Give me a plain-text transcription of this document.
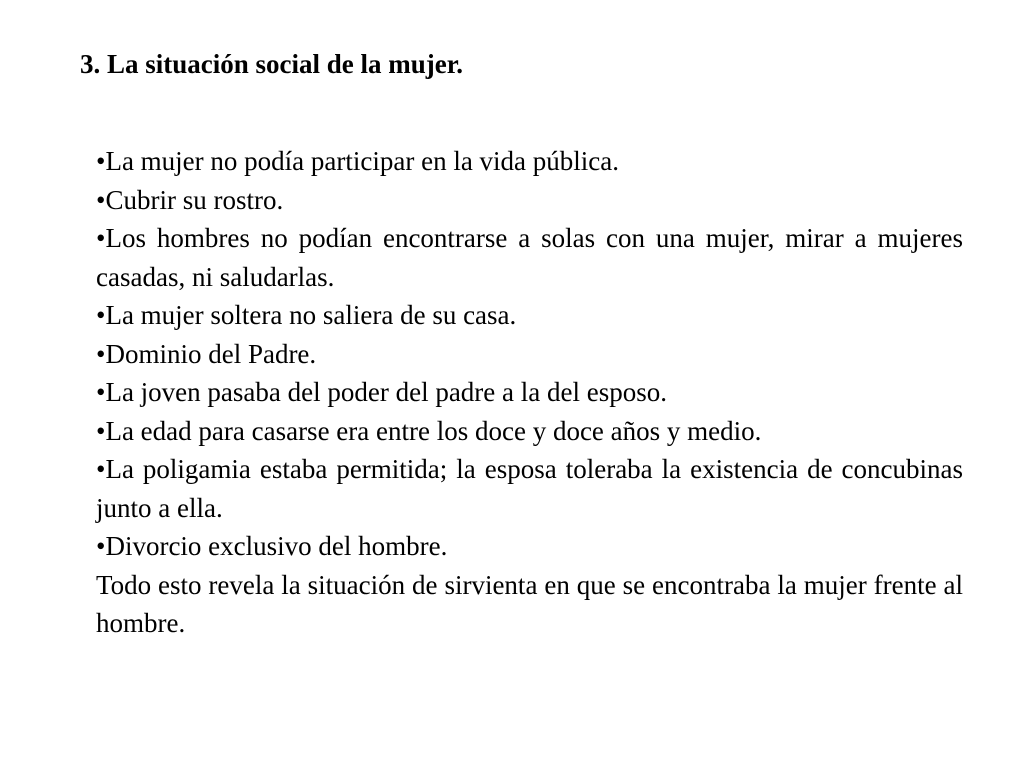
3. La situación social de la mujer.

•La mujer no podía participar en la vida pública.

•Cubrir su rostro.

•Los hombres no podían encontrarse a solas con una mujer, mirar a mujeres casadas, ni saludarlas.

•La mujer soltera no saliera de su casa.

•Dominio del Padre.

•La joven pasaba del poder del padre a la del esposo.

•La edad para casarse era entre los doce y doce años y medio.

•La poligamia estaba permitida; la esposa toleraba la existencia de concubinas junto a ella.

•Divorcio exclusivo del hombre.

Todo esto revela la situación de sirvienta en que se encontraba la mujer frente al hombre.
